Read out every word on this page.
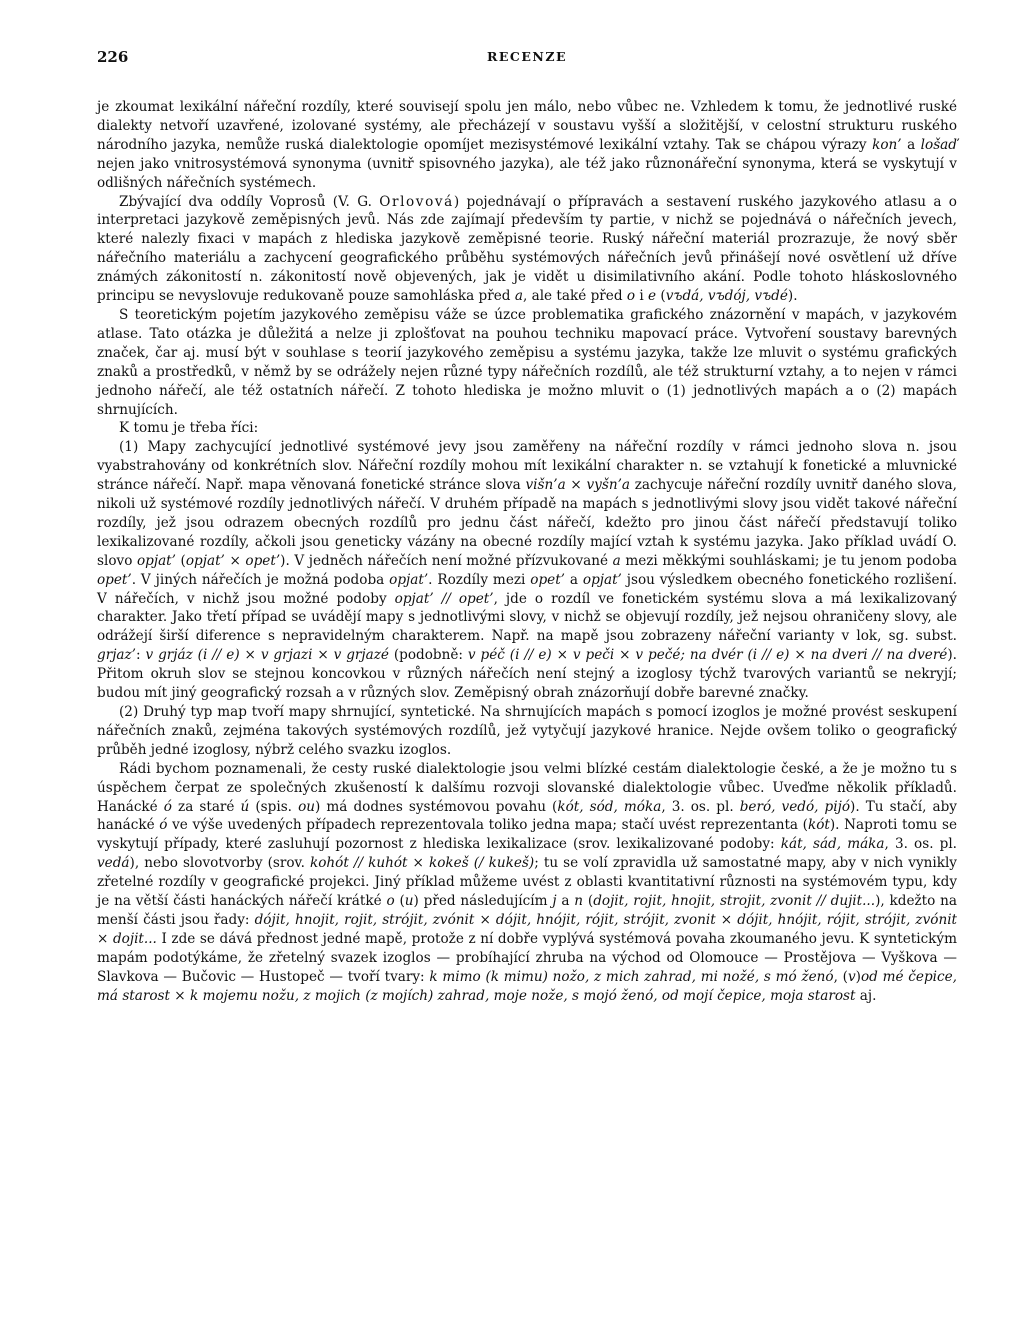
226	RECENZE

je zkoumat lexikální nářeční rozdíly, které souvisejí spolu jen málo, nebo vůbec ne. Vzhledem k tomu, že jednotlivé ruské dialekty netvoří uzavřené, izolované systémy, ale přecházejí v soustavu vyšší a složitější, v celostní strukturu ruského národního jazyka, nemůže ruská dialektologie opomíjet mezisystémové lexikální vztahy. Tak se chápou výrazy kon’ a lošaď nejen jako vnitrosystémová synonyma (uvnitř spisovného jazyka), ale též jako různonářeční synonyma, která se vyskytují v odlišných nářečních systémech.

Zbývající dva oddíly Voprosů (V. G. Orlovová) pojednávají o přípravách a sestavení ruského jazykového atlasu a o interpretaci jazykově zeměpisných jevů. Nás zde zajímají především ty partie, v nichž se pojednává o nářečních jevech, které nalezly fixaci v mapách z hlediska jazykově zeměpisné teorie. Ruský nářeční materiál prozrazuje, že nový sběr nářečního materiálu a zachycení geografického průběhu systémových nářečních jevů přinášejí nové osvětlení už dříve známých zákonitostí n. zákonitostí nově objevených, jak je vidět u disimilativního akání. Podle tohoto hláskoslovného principu se nevyslovuje redukovaně pouze samohláska před a, ale také před o i e (vъdá, vъdój, vъdé).

S teoretickým pojetím jazykového zeměpisu váže se úzce problematika grafického znázornění v mapách, v jazykovém atlase. Tato otázka je důležitá a nelze ji zplošťovat na pouhou techniku mapovací práce. Vytvoření soustavy barevných značek, čar aj. musí být v souhlase s teorií jazykového zeměpisu a systému jazyka, takže lze mluvit o systému grafických znaků a prostředků, v němž by se odrážely nejen různé typy nářečních rozdílů, ale též strukturní vztahy, a to nejen v rámci jednoho nářečí, ale též ostatních nářečí. Z tohoto hlediska je možno mluvit o (1) jednotlivých mapách a o (2) mapách shrnujících.

K tomu je třeba říci:

(1) Mapy zachycující jednotlivé systémové jevy jsou zaměřeny na nářeční rozdíly v rámci jednoho slova n. jsou vyabstrahovány od konkrétních slov. Nářeční rozdíly mohou mít lexikální charakter n. se vztahují k fonetické a mluvnické stránce nářečí. Např. mapa věnovaná fonetické stránce slova višn’a × vyšn’a zachycuje nářeční rozdíly uvnitř daného slova, nikoli už systémové rozdíly jednotlivých nářečí. V druhém případě na mapách s jednotlivými slovy jsou vidět takové nářeční rozdíly, jež jsou odrazem obecných rozdílů pro jednu část nářečí, kdežto pro jinou část nářečí představují toliko lexikalizované rozdíly, ačkoli jsou geneticky vázány na obecné rozdíly mající vztah k systému jazyka. Jako příklad uvádí O. slovo opjat’ (opjat’ × opet’). V jedněch nářečích není možné přízvukované a mezi měkkými souhláskami; je tu jenom podoba opet’. V jiných nářečích je možná podoba opjat’. Rozdíly mezi opet’ a opjat’ jsou výsledkem obecného fonetického rozlišení. V nářečích, v nichž jsou možné podoby opjat’ // opet’, jde o rozdíl ve fonetickém systému slova a má lexikalizovaný charakter. Jako třetí případ se uvádějí mapy s jednotlivými slovy, v nichž se objevují rozdíly, jež nejsou ohraničeny slovy, ale odrážejí širší diference s nepravidelným charakterem. Např. na mapě jsou zobrazeny nářeční varianty v lok, sg. subst. grjaz’: v grjáz (i // e) × v grjazi × v grjazé (podobně: v péč (i // e) × v peči × v pečé; na dvér (i // e) × na dveri // na dveré). Přitom okruh slov se stejnou koncovkou v různých nářečích není stejný a izoglosy týchž tvarových variantů se nekryjí; budou mít jiný geografický rozsah a v různých slov. Zeměpisný obrah znázorňují dobře barevné značky.

(2) Druhý typ map tvoří mapy shrnující, syntetické. Na shrnujících mapách s pomocí izoglos je možné provést seskupení nářečních znaků, zejména takových systémových rozdílů, jež vytyčují jazykové hranice. Nejde ovšem toliko o geografický průběh jedné izoglosy, nýbrž celého svazku izoglos.

Rádi bychom poznamenali, že cesty ruské dialektologie jsou velmi blízké cestám dialektologie české, a že je možno tu s úspěchem čerpat ze společných zkušeností k dalšímu rozvoji slovanské dialektologie vůbec. Uveďme několik příkladů. Hanácké ó za staré ú (spis. ou) má dodnes systémovou povahu (kót, sód, móka, 3. os. pl. beró, vedó, pijó). Tu stačí, aby hanácké ó ve výše uvedených případech reprezentovala toliko jedna mapa; stačí uvést reprezentanta (kót). Naproti tomu se vyskytují případy, které zasluhují pozornost z hlediska lexikalizace (srov. lexikalizované podoby: kát, sád, máka, 3. os. pl. vedá), nebo slovotvorby (srov. kohót // kuhót × kokeš (/ kukeš); tu se volí zpravidla už samostatné mapy, aby v nich vynikly zřetelné rozdíly v geografické projekci. Jiný příklad můžeme uvést z oblasti kvantitativní různosti na systémovém typu, kdy je na větší části hanáckých nářečí krátké o (u) před následujícím j a n (dojit, rojit, hnojit, strojit, zvonit // dujit...), kdežto na menší části jsou řady: dójit, hnojit, rojit, strójit, zvónit × dójit, hnójit, rójit, strójit, zvonit × dójit, hnójit, rójit, strójit, zvónit × dojit... I zde se dává přednost jedné mapě, protože z ní dobře vyplývá systémová povaha zkoumaného jevu. K syntetickým mapám podotýkáme, že zřetelný svazek izoglos — probíhající zhruba na východ od Olomouce — Prostějova — Vyškova — Slavkova — Bučovic — Hustopeč — tvoří tvary: k mimo (k mimu) nožo, z mich zahrad, mi nožé, s mó ženó, (v)od mé čepice, má starost × k mojemu nožu, z mojich (z mojích) zahrad, moje nože, s mojó ženó, od mojí čepice, moja starost aj.
